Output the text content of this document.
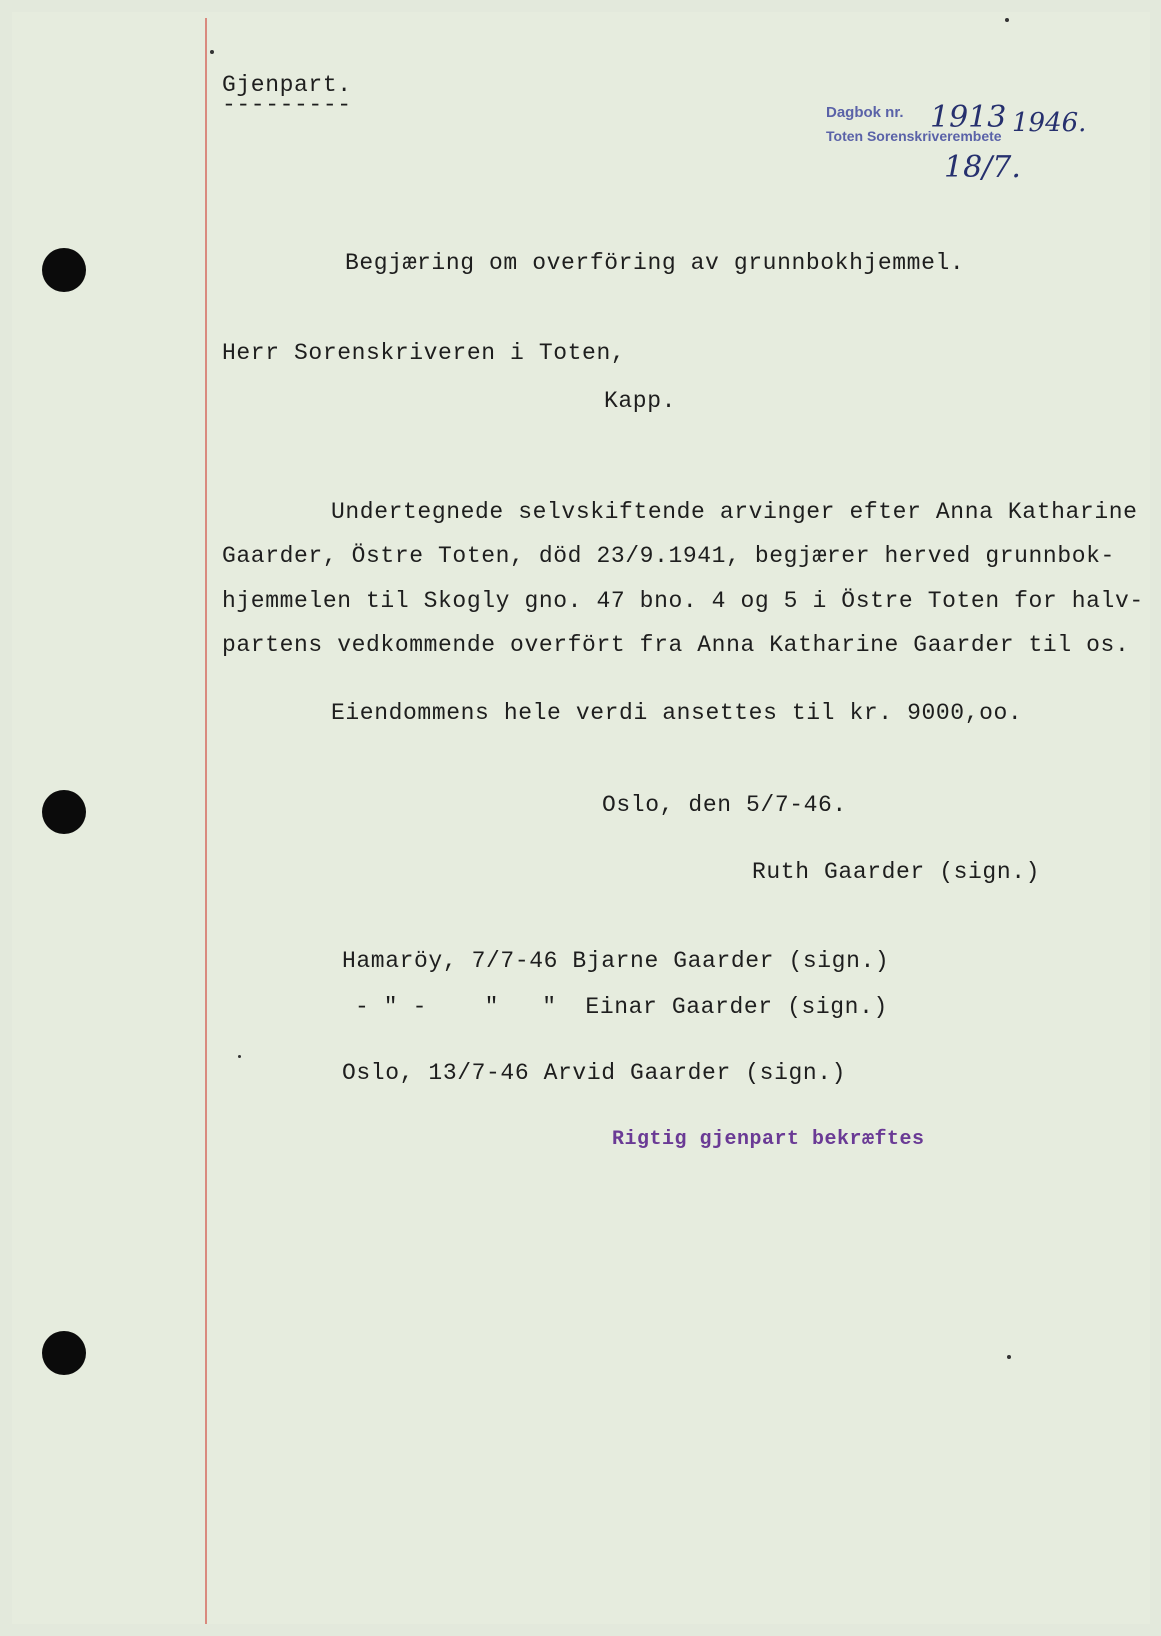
Gjenpart.
---------	Dagbok nr.
Toten Sorenskriverembete
1913 1946.
18/7.
Begjæring om overföring av grunnbokhjemmel.
Herr Sorenskriveren i Toten,
Kapp.
Undertegnede selvskiftende arvinger efter Anna Katharine
Gaarder, Östre Toten, död 23/9.1941, begjærer herved grunnbok-
hjemmelen til Skogly gno. 47 bno. 4 og 5 i Östre Toten for halv-
partens vedkommende overfört fra Anna Katharine Gaarder til os.
Eiendommens hele verdi ansettes til kr. 9000,oo.
Oslo, den 5/7-46.
Ruth Gaarder (sign.)
Hamaröy, 7/7-46 Bjarne Gaarder (sign.)
- " -    "   "  Einar Gaarder (sign.)
Oslo, 13/7-46 Arvid Gaarder (sign.)
Rigtig gjenpart bekræftes
